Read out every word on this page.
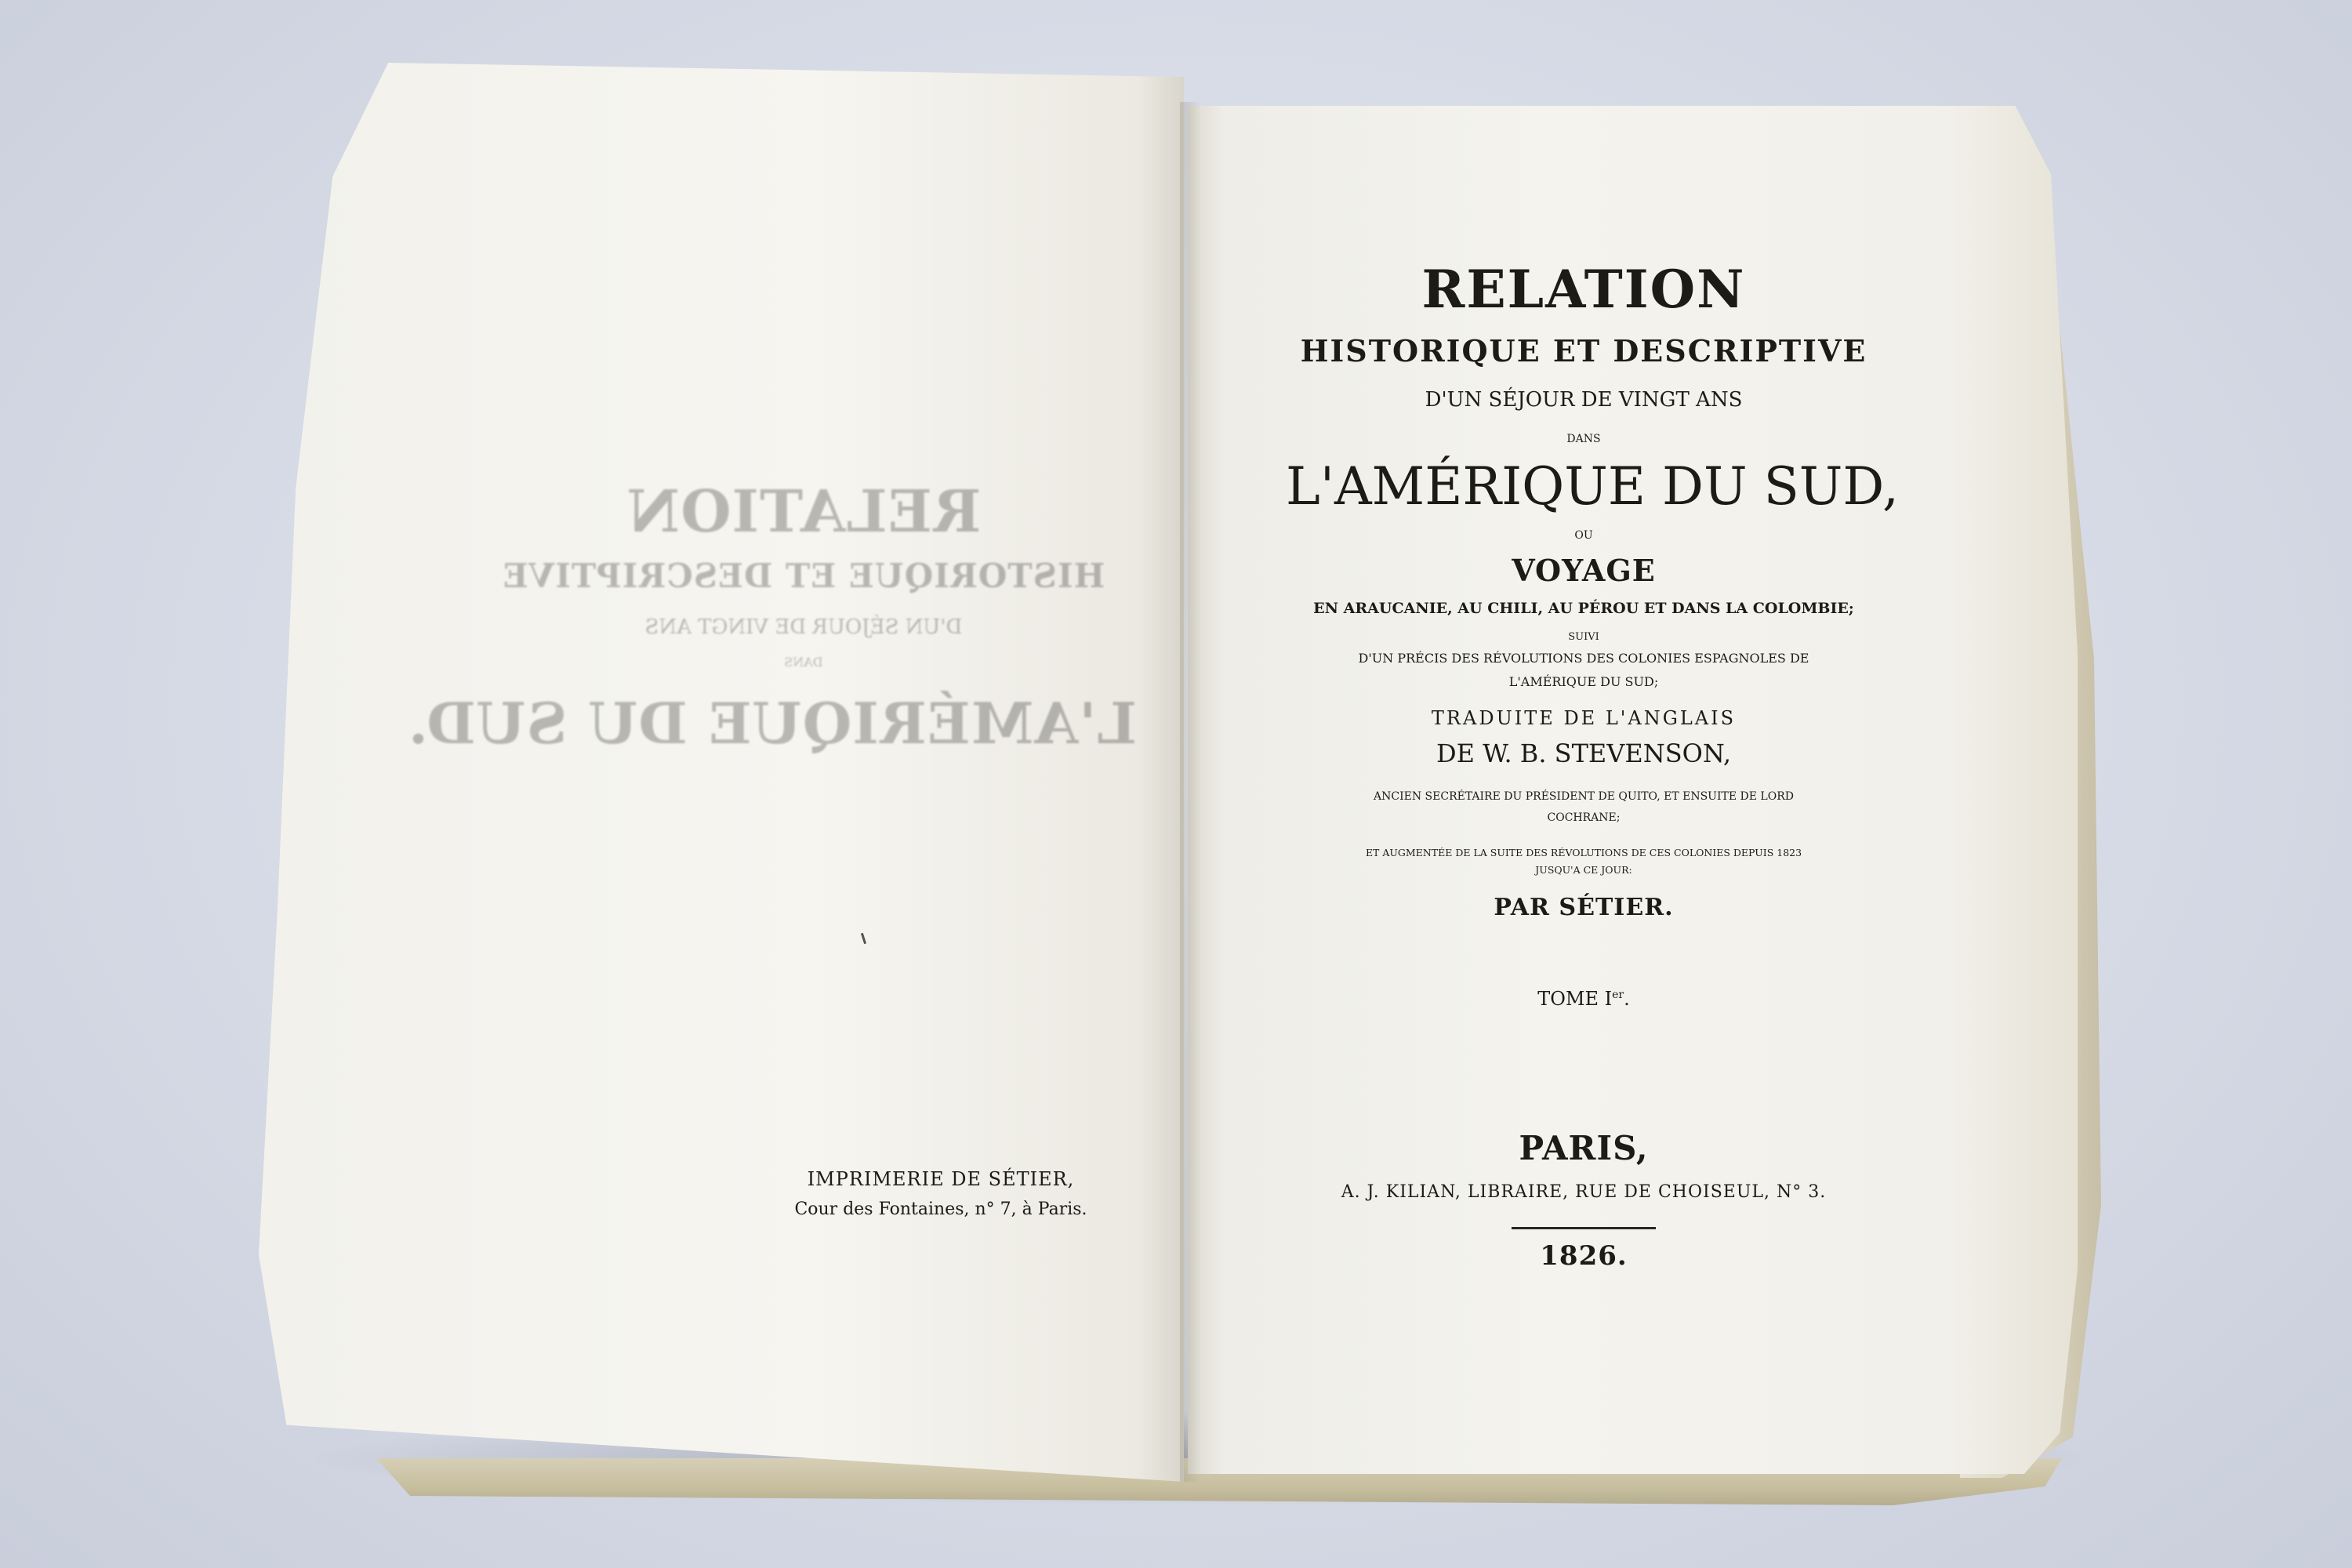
RELATION
HISTORIQUE ET DESCRIPTIVE
D'UN SÉJOUR DE VINGT ANS
DANS
L'AMÉRIQUE DU SUD.
IMPRIMERIE DE SÉTIER,
Cour des Fontaines, n° 7, à Paris.
RELATION
HISTORIQUE ET DESCRIPTIVE
D'UN SÉJOUR DE VINGT ANS
DANS
L'AMÉRIQUE DU SUD,
OU
VOYAGE
EN ARAUCANIE, AU CHILI, AU PÉROU ET DANS LA COLOMBIE;
SUIVI
D'UN PRÉCIS DES RÉVOLUTIONS DES COLONIES ESPAGNOLES DE
L'AMÉRIQUE DU SUD;
TRADUITE DE L'ANGLAIS
DE W. B. STEVENSON,
ANCIEN SECRÉTAIRE DU PRÉSIDENT DE QUITO, ET ENSUITE DE LORD
COCHRANE;
ET AUGMENTÉE DE LA SUITE DES RÉVOLUTIONS DE CES COLONIES DEPUIS 1823
JUSQU'A CE JOUR:
PAR SÉTIER.
TOME Ier.
PARIS,
A. J. KILIAN, LIBRAIRE, RUE DE CHOISEUL, N° 3.
1826.
